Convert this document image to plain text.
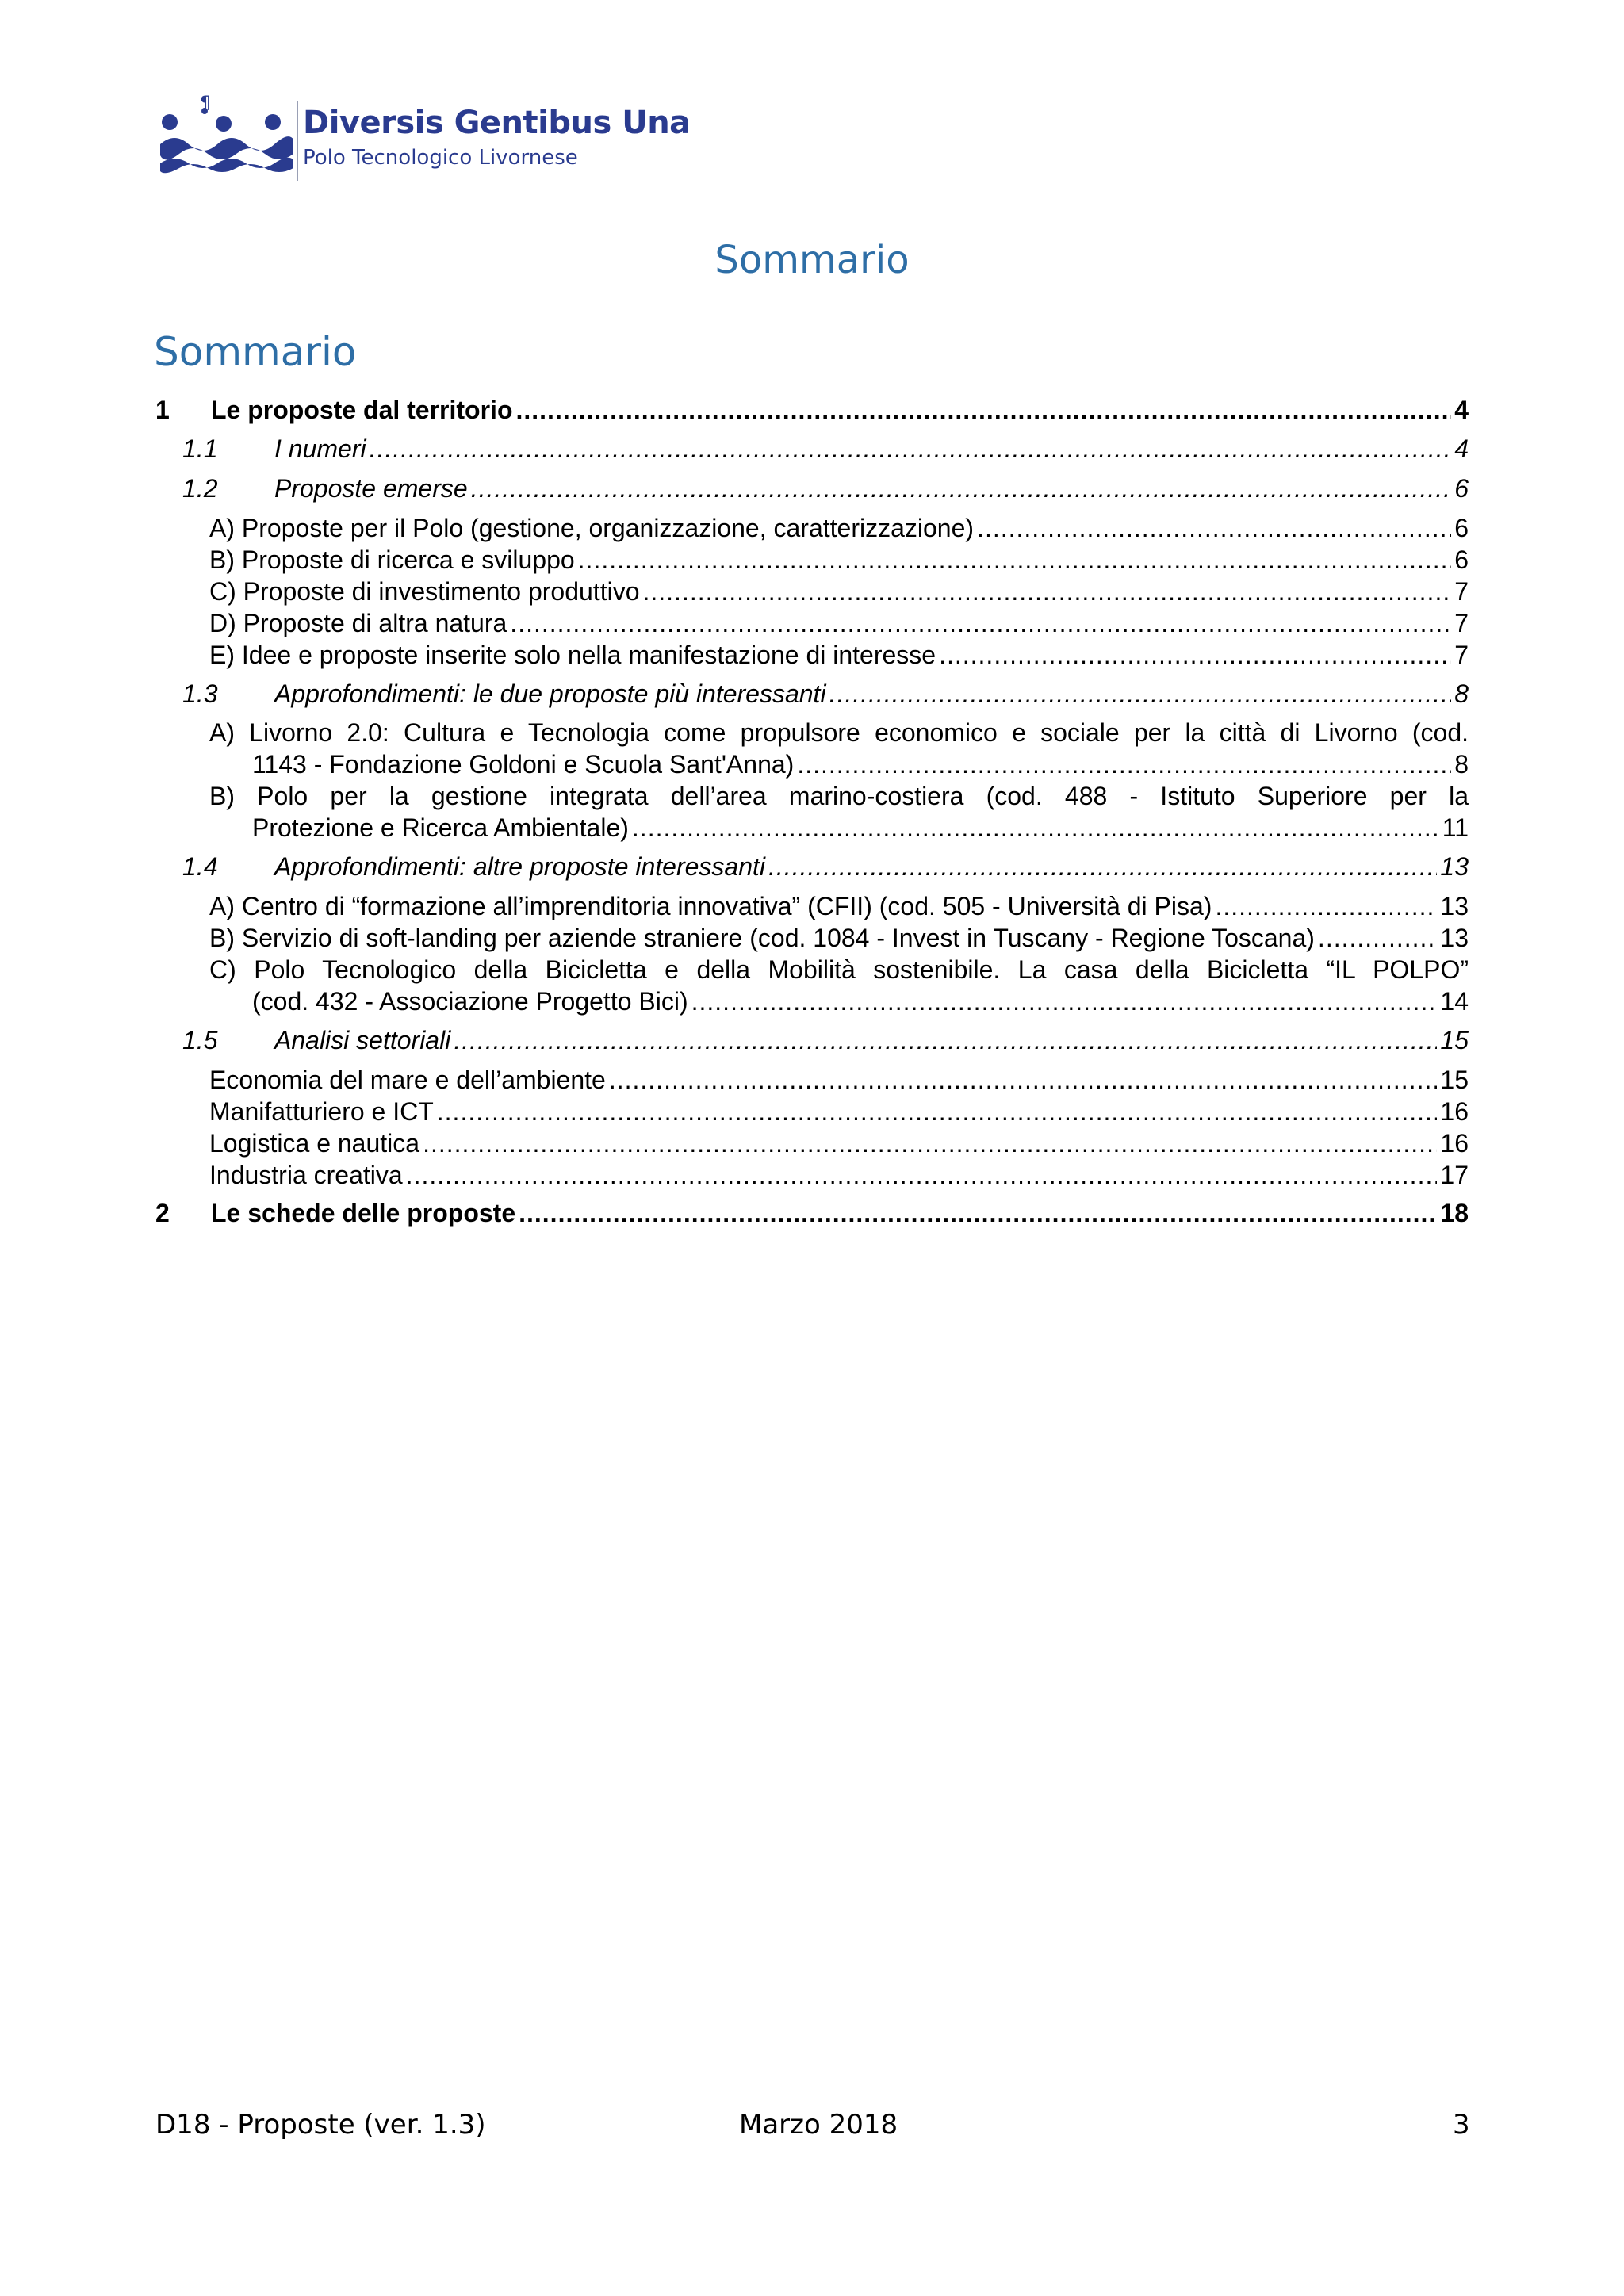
¶
Diversis Gentibus Una
Polo Tecnologico Livornese
Sommario
Sommario
1	Le proposte dal territorio .....	4
1.1	I numeri .....	4
1.2	Proposte emerse .....	6
A) Proposte per il Polo (gestione, organizzazione, caratterizzazione) .....	6
B) Proposte di ricerca e sviluppo .....	6
C) Proposte di investimento produttivo .....	7
D) Proposte di altra natura .....	7
E) Idee e proposte inserite solo nella manifestazione di interesse .....	7
1.3	Approfondimenti: le due proposte più interessanti .....	8
A) Livorno 2.0: Cultura e Tecnologia come propulsore economico e sociale per la città di Livorno (cod.
1143 - Fondazione Goldoni e Scuola Sant'Anna) .....	8
B) Polo per la gestione integrata dell’area marino-costiera (cod. 488 - Istituto Superiore per la
Protezione e Ricerca Ambientale) .....	11
1.4	Approfondimenti: altre proposte interessanti .....	13
A) Centro di “formazione all’imprenditoria innovativa” (CFII) (cod. 505 - Università di Pisa) .....	13
B) Servizio di soft-landing per aziende straniere (cod. 1084 - Invest in Tuscany - Regione Toscana) .....	13
C) Polo Tecnologico della Bicicletta e della Mobilità sostenibile. La casa della Bicicletta “IL POLPO”
(cod. 432 - Associazione Progetto Bici) .....	14
1.5	Analisi settoriali .....	15
Economia del mare e dell’ambiente .....	15
Manifatturiero e ICT .....	16
Logistica e nautica .....	16
Industria creativa .....	17
2	Le schede delle proposte .....	18
D18 - Proposte (ver. 1.3)	Marzo 2018	3
